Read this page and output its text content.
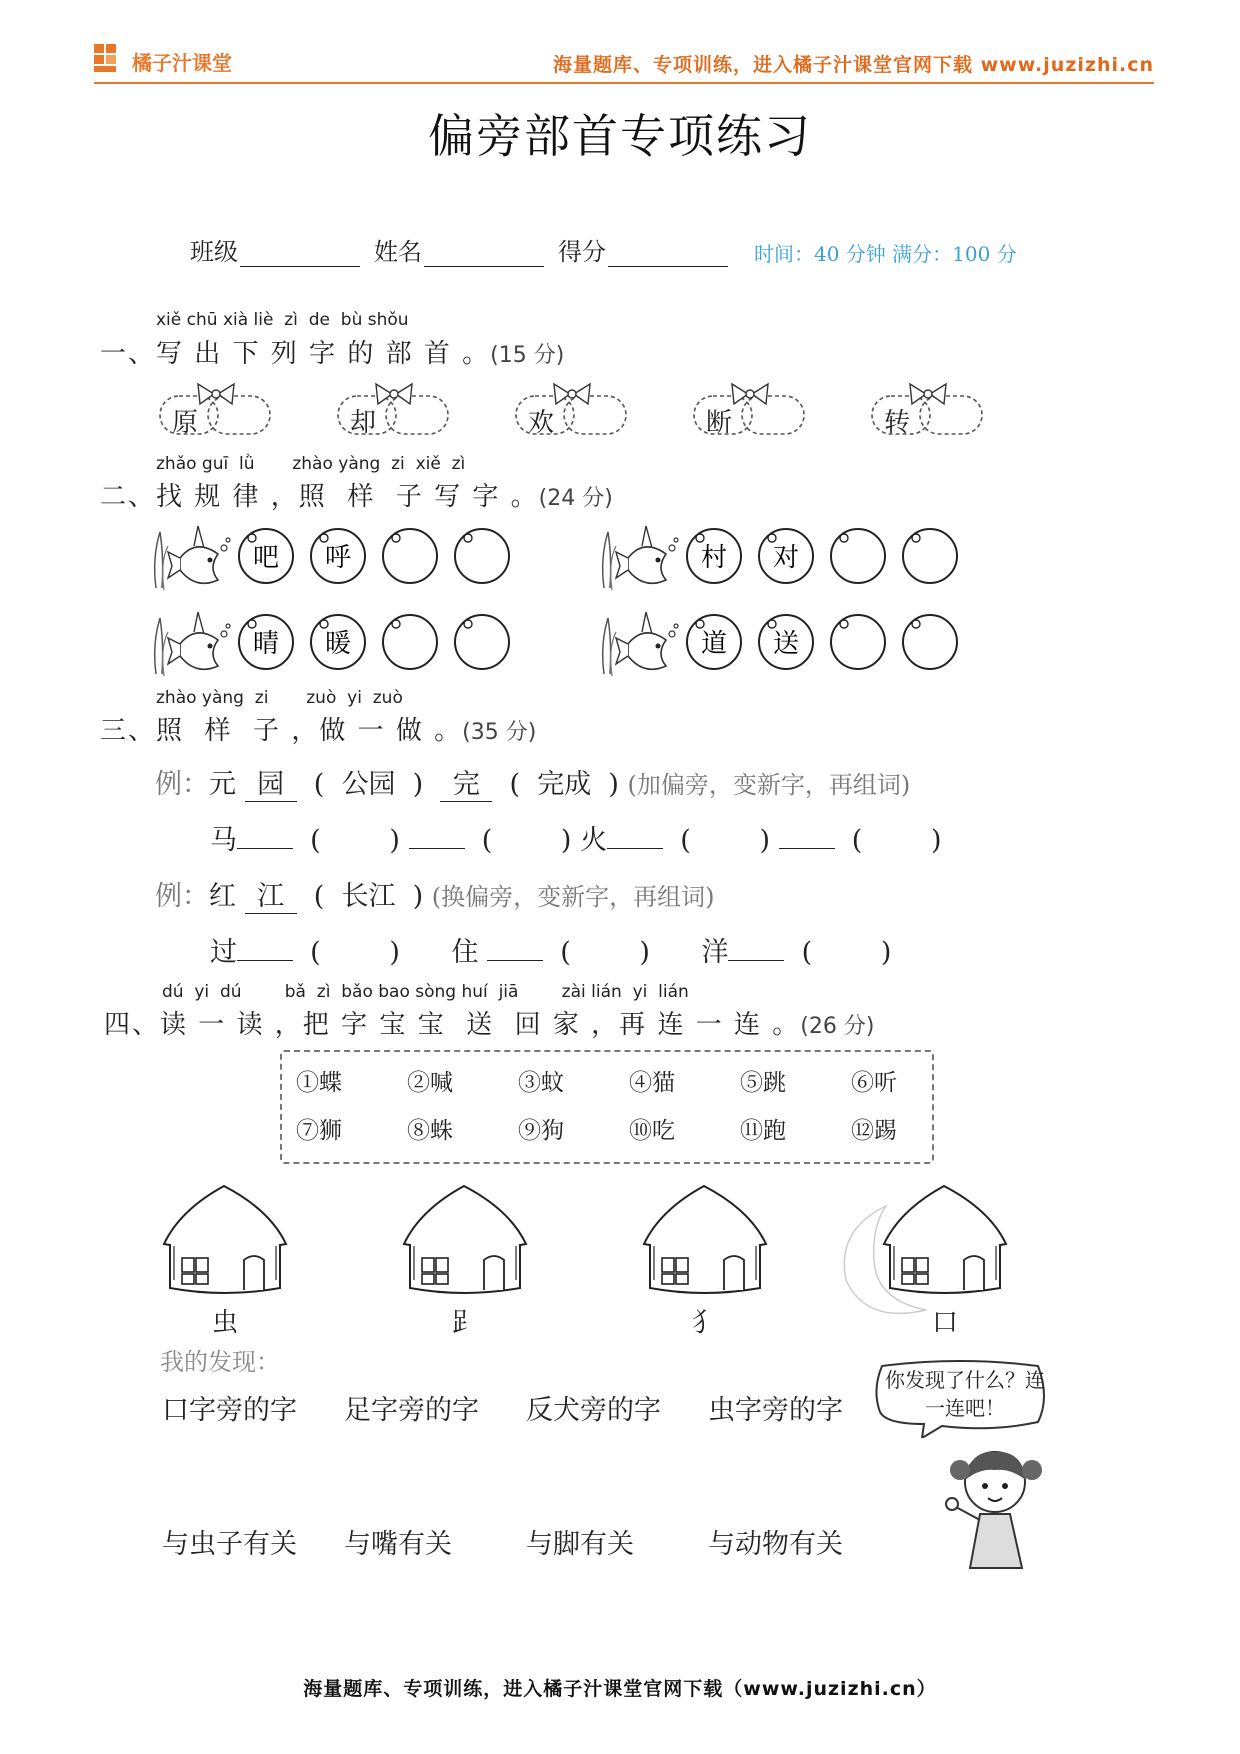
橘子汁课堂	海量题库、专项训练，进入橘子汁课堂官网下载 www.juzizhi.cn
偏旁部首专项练习
班级	姓名	得分	时间：40 分钟 满分：100 分
xiě chū xià liè  zì  de  bù shǒu
一、写 出 下 列 字 的 部 首 。(15 分)
原	却	欢	断	转
zhǎo guī  lǜ       zhào yàng  zi  xiě  zì
二、找 规 律 ，照  样  子 写 字 。(24 分)
吧 呼	村 对
晴 暖	道 送
zhào yàng  zi       zuò  yi  zuò
三、照  样  子 ，做 一 做 。(35 分)
例：元 园 (  公园  ) 完 (  完成  ) (加偏旁，变新字，再组词)
马	(	)	(	) 火	(	)	(	)
例：红 江 (  长江  ) (换偏旁，变新字，再组词)
过	(	) 住	(	) 洋	(	)
dú  yi  dú        bǎ  zì  bǎo bao sòng huí  jiā        zài lián  yi  lián
四、读 一 读 ，把 字 宝 宝  送  回 家 ，再 连 一 连 。(26 分)
①蝶	②喊	③蚊	④猫	⑤跳	⑥听
⑦狮	⑧蛛	⑨狗	⑩吃	⑪跑	⑫踢
虫	𧾷	犭	口
我的发现：
口字旁的字 足字旁的字 反犬旁的字 虫字旁的字
与虫子有关 与嘴有关	与脚有关	与动物有关
你发现了什么？连一连吧！
海量题库、专项训练，进入橘子汁课堂官网下载（www.juzizhi.cn）
